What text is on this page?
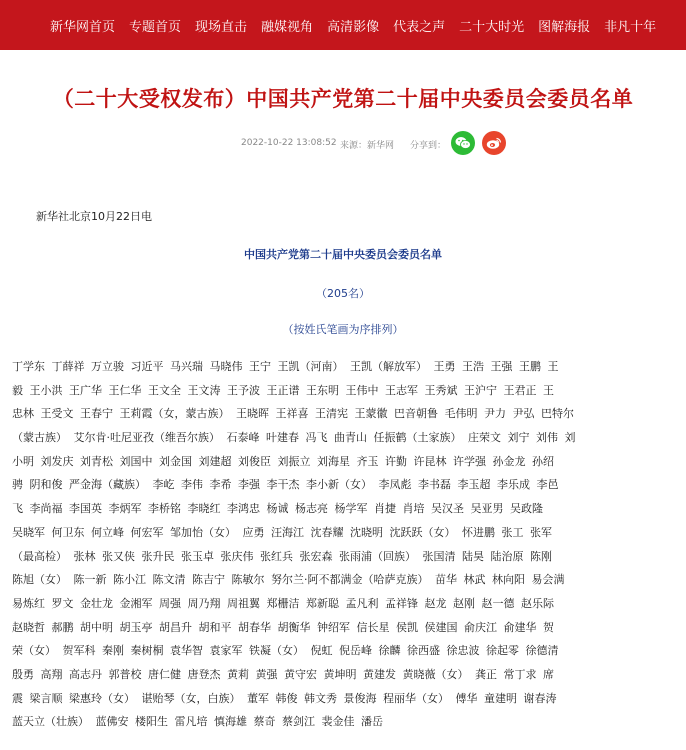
新华网首页 专题首页 现场直击 融媒视角 高清影像 代表之声 二十大时光 图解海报 非凡十年
（二十大受权发布）中国共产党第二十届中央委员会委员名单
2022-10-22 13:08:52 来源：新华网 分享到：

新华社北京10月22日电

中国共产党第二十届中央委员会委员名单

（205名）

（按姓氏笔画为序排列）

丁学东 丁薛祥 万立骏 习近平 马兴瑞 马晓伟 王宁 王凯（河南） 王凯（解放军） 王勇 王浩 王强 王鹏 王
毅 王小洪 王广华 王仁华 王文全 王文涛 王予波 王正谱 王东明 王伟中 王志军 王秀斌 王沪宁 王君正 王
忠林 王受文 王春宁 王莉霞（女，蒙古族） 王晓晖 王祥喜 王清宪 王蒙徽 巴音朝鲁 毛伟明 尹力 尹弘 巴特尔
（蒙古族） 艾尔肯·吐尼亚孜（维吾尔族） 石泰峰 叶建春 冯飞 曲青山 任振鹤（土家族） 庄荣文 刘宁 刘伟 刘
小明 刘发庆 刘青松 刘国中 刘金国 刘建超 刘俊臣 刘振立 刘海星 齐玉 许勤 许昆林 许学强 孙金龙 孙绍
骋 阴和俊 严金海（藏族） 李屹 李伟 李希 李强 李干杰 李小新（女） 李凤彪 李书磊 李玉超 李乐成 李邑
飞 李尚福 李国英 李炳军 李桥铭 李晓红 李鸿忠 杨诚 杨志亮 杨学军 肖捷 肖培 吴汉圣 吴亚男 吴政隆
吴晓军 何卫东 何立峰 何宏军 邹加怡（女） 应勇 汪海江 沈春耀 沈晓明 沈跃跃（女） 怀进鹏 张工 张军
（最高检） 张林 张又侠 张升民 张玉卓 张庆伟 张红兵 张宏森 张雨浦（回族） 张国清 陆昊 陆治原 陈刚
陈旭（女） 陈一新 陈小江 陈文清 陈吉宁 陈敏尔 努尔兰·阿不都满金（哈萨克族） 苗华 林武 林向阳 易会满
易炼红 罗文 金壮龙 金湘军 周强 周乃翔 周祖翼 郑栅洁 郑新聪 孟凡利 孟祥锋 赵龙 赵刚 赵一德 赵乐际
赵晓哲 郝鹏 胡中明 胡玉亭 胡昌升 胡和平 胡春华 胡衡华 钟绍军 信长星 侯凯 侯建国 俞庆江 俞建华 贺
荣（女） 贺军科 秦刚 秦树桐 袁华智 袁家军 铁凝（女） 倪虹 倪岳峰 徐麟 徐西盛 徐忠波 徐起零 徐德清
殷勇 高翔 高志丹 郭普校 唐仁健 唐登杰 黄莉 黄强 黄守宏 黄坤明 黄建发 黄晓薇（女） 龚正 常丁求 席
震 梁言顺 梁惠玲（女） 谌贻琴（女，白族） 董军 韩俊 韩文秀 景俊海 程丽华（女） 傅华 童建明 谢春涛
蓝天立（壮族） 蓝佛安 楼阳生 雷凡培 慎海雄 蔡奇 蔡剑江 裴金佳 潘岳
